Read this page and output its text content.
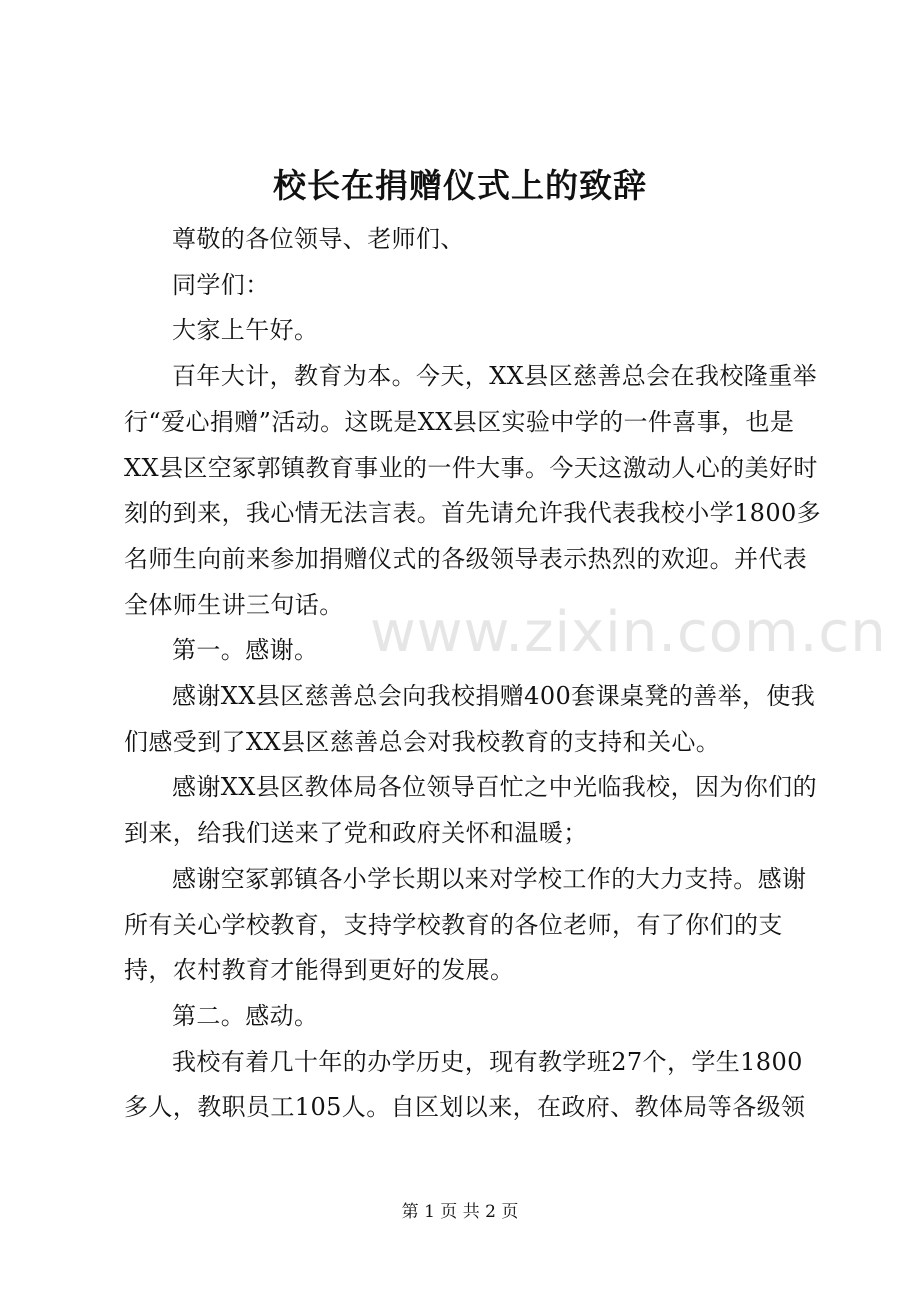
校长在捐赠仪式上的致辞

尊敬的各位领导、老师们、

同学们：

大家上午好。

百年大计，教育为本。今天，XX县区慈善总会在我校隆重举行“爱心捐赠”活动。这既是XX县区实验中学的一件喜事，也是XX县区空冢郭镇教育事业的一件大事。今天这激动人心的美好时刻的到来，我心情无法言表。首先请允许我代表我校小学1800多名师生向前来参加捐赠仪式的各级领导表示热烈的欢迎。并代表全体师生讲三句话。

第一。感谢。

感谢XX县区慈善总会向我校捐赠400套课桌凳的善举，使我们感受到了XX县区慈善总会对我校教育的支持和关心。

感谢XX县区教体局各位领导百忙之中光临我校，因为你们的到来，给我们送来了党和政府关怀和温暖；

感谢空冢郭镇各小学长期以来对学校工作的大力支持。感谢所有关心学校教育，支持学校教育的各位老师，有了你们的支持，农村教育才能得到更好的发展。

第二。感动。

我校有着几十年的办学历史，现有教学班27个，学生1800多人，教职员工105人。自区划以来，在政府、教体局等各级领

www.zixin.com.cn
第 1 页 共 2 页
